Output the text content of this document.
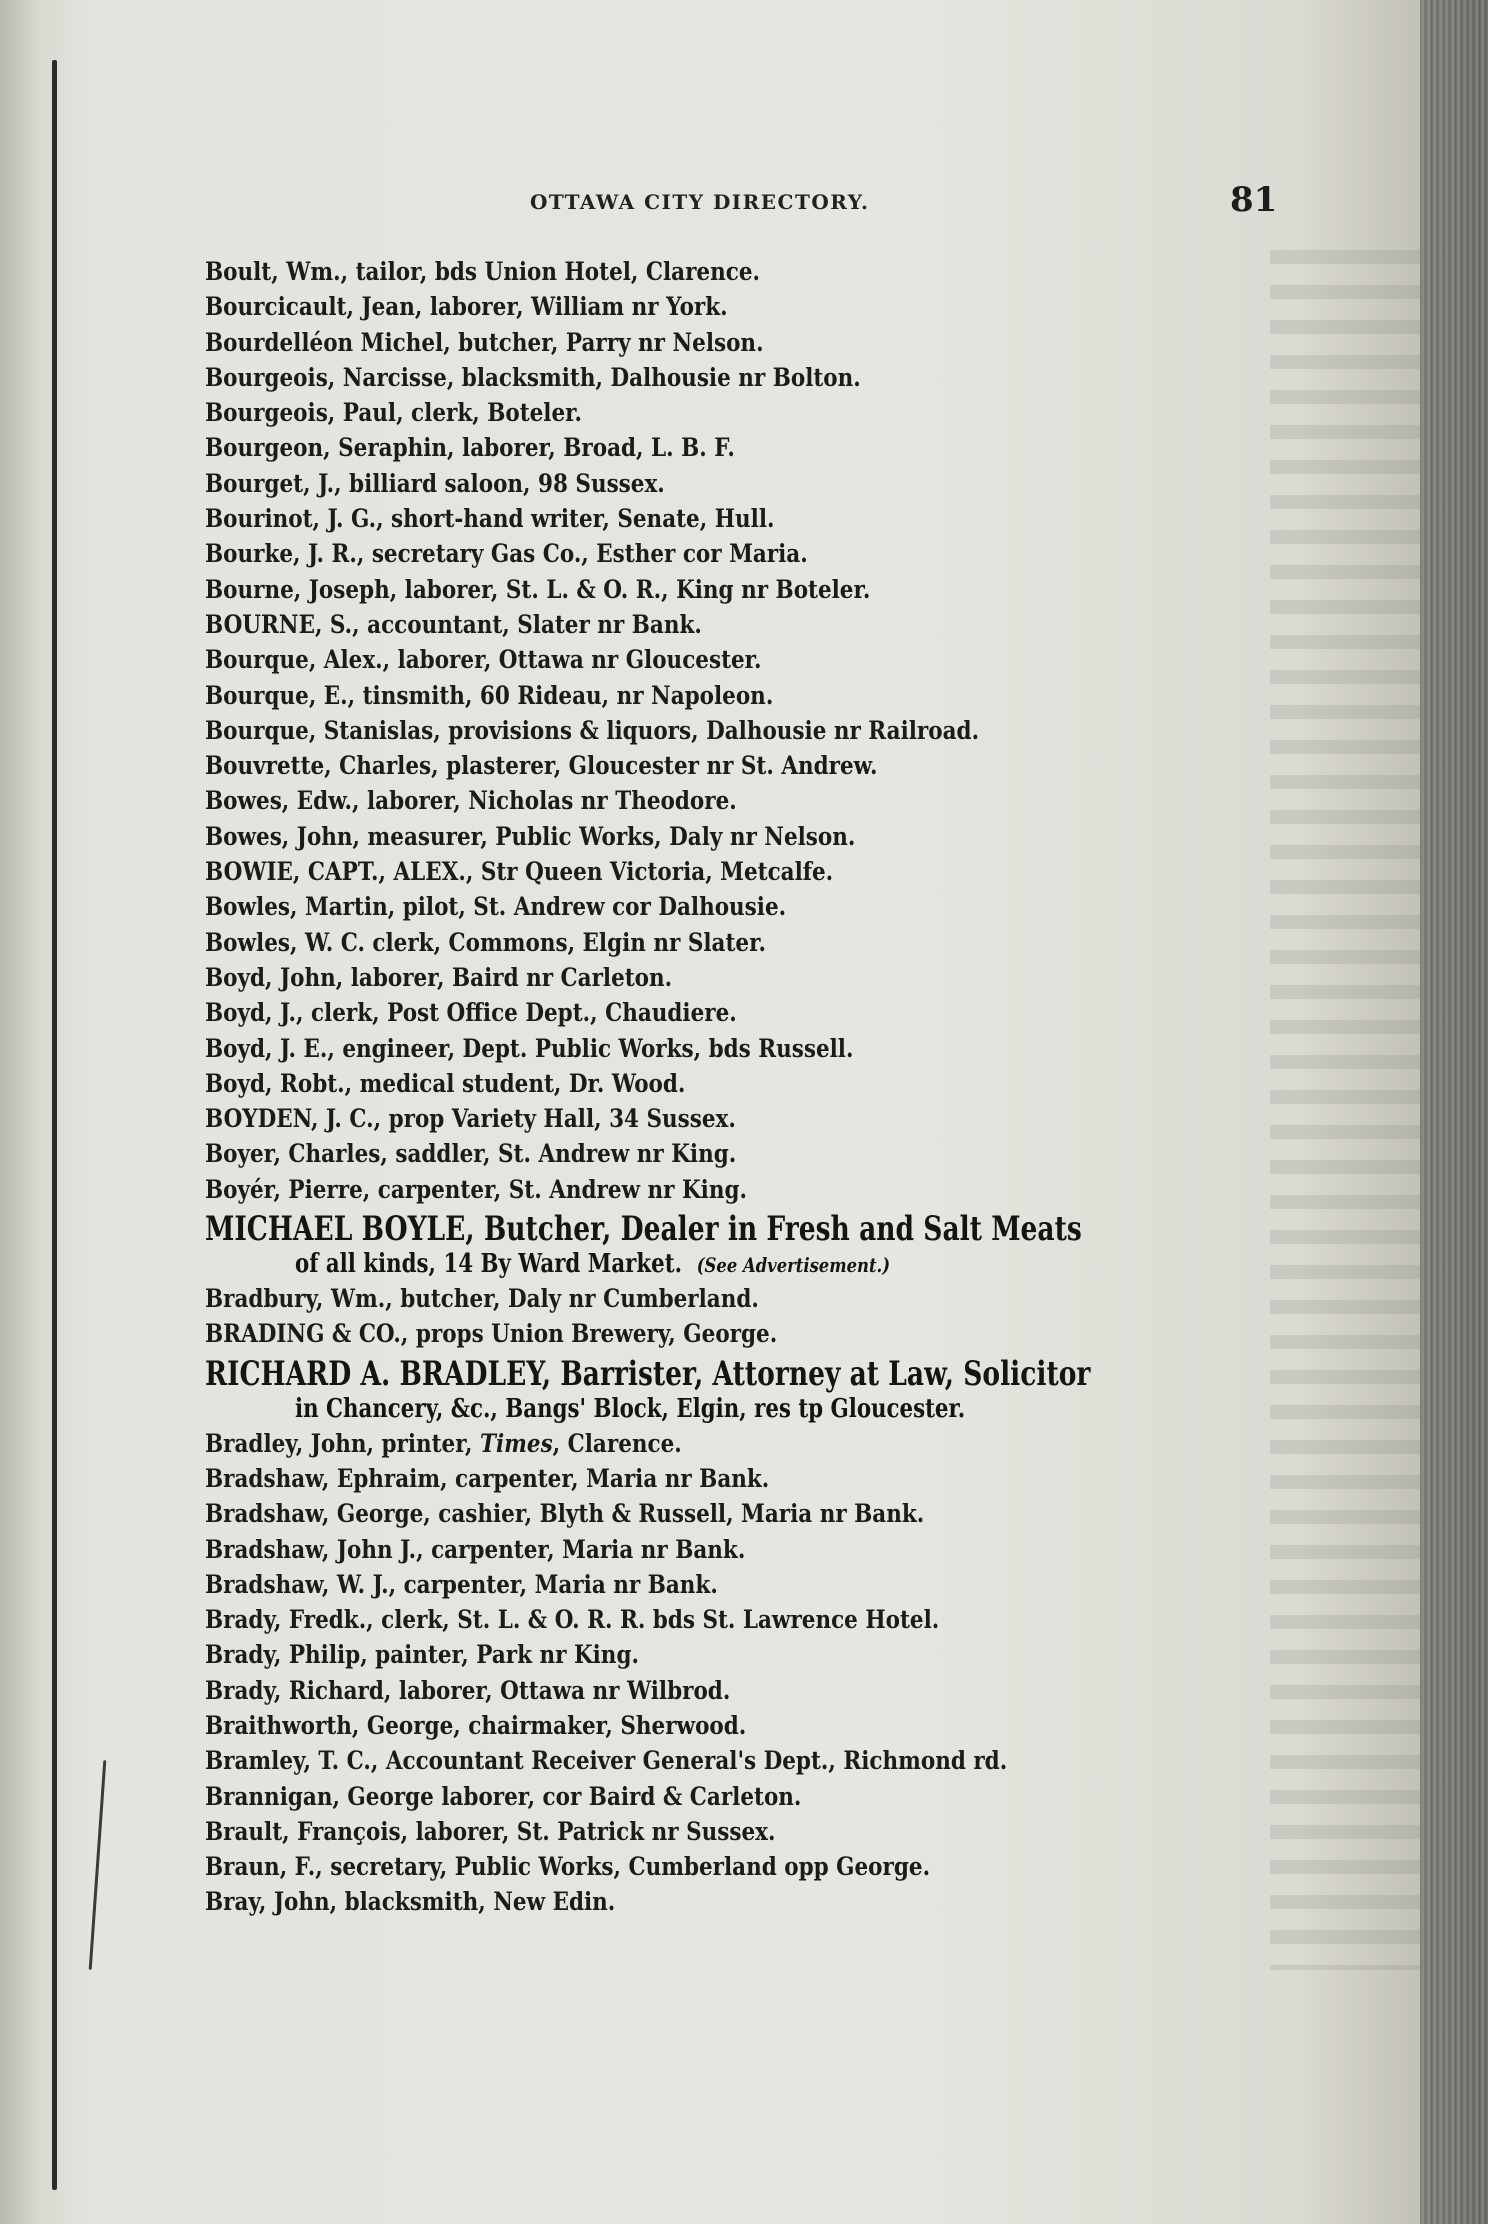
OTTAWA CITY DIRECTORY.	81
Boult, Wm., tailor, bds Union Hotel, Clarence.
Bourcicault, Jean, laborer, William nr York.
Bourdelléon Michel, butcher, Parry nr Nelson.
Bourgeois, Narcisse, blacksmith, Dalhousie nr Bolton.
Bourgeois, Paul, clerk, Boteler.
Bourgeon, Seraphin, laborer, Broad, L. B. F.
Bourget, J., billiard saloon, 98 Sussex.
Bourinot, J. G., short-hand writer, Senate, Hull.
Bourke, J. R., secretary Gas Co., Esther cor Maria.
Bourne, Joseph, laborer, St. L. & O. R., King nr Boteler.
BOURNE, S., accountant, Slater nr Bank.
Bourque, Alex., laborer, Ottawa nr Gloucester.
Bourque, E., tinsmith, 60 Rideau, nr Napoleon.
Bourque, Stanislas, provisions & liquors, Dalhousie nr Railroad.
Bouvrette, Charles, plasterer, Gloucester nr St. Andrew.
Bowes, Edw., laborer, Nicholas nr Theodore.
Bowes, John, measurer, Public Works, Daly nr Nelson.
BOWIE, CAPT., ALEX., Str Queen Victoria, Metcalfe.
Bowles, Martin, pilot, St. Andrew cor Dalhousie.
Bowles, W. C. clerk, Commons, Elgin nr Slater.
Boyd, John, laborer, Baird nr Carleton.
Boyd, J., clerk, Post Office Dept., Chaudiere.
Boyd, J. E., engineer, Dept. Public Works, bds Russell.
Boyd, Robt., medical student, Dr. Wood.
BOYDEN, J. C., prop Variety Hall, 34 Sussex.
Boyer, Charles, saddler, St. Andrew nr King.
Boyér, Pierre, carpenter, St. Andrew nr King.
MICHAEL BOYLE, Butcher, Dealer in Fresh and Salt Meats
of all kinds, 14 By Ward Market. (See Advertisement.)
Bradbury, Wm., butcher, Daly nr Cumberland.
BRADING & CO., props Union Brewery, George.
RICHARD A. BRADLEY, Barrister, Attorney at Law, Solicitor
in Chancery, &c., Bangs' Block, Elgin, res tp Gloucester.
Bradley, John, printer, Times, Clarence.
Bradshaw, Ephraim, carpenter, Maria nr Bank.
Bradshaw, George, cashier, Blyth & Russell, Maria nr Bank.
Bradshaw, John J., carpenter, Maria nr Bank.
Bradshaw, W. J., carpenter, Maria nr Bank.
Brady, Fredk., clerk, St. L. & O. R. R. bds St. Lawrence Hotel.
Brady, Philip, painter, Park nr King.
Brady, Richard, laborer, Ottawa nr Wilbrod.
Braithworth, George, chairmaker, Sherwood.
Bramley, T. C., Accountant Receiver General's Dept., Richmond rd.
Brannigan, George laborer, cor Baird & Carleton.
Brault, François, laborer, St. Patrick nr Sussex.
Braun, F., secretary, Public Works, Cumberland opp George.
Bray, John, blacksmith, New Edin.
